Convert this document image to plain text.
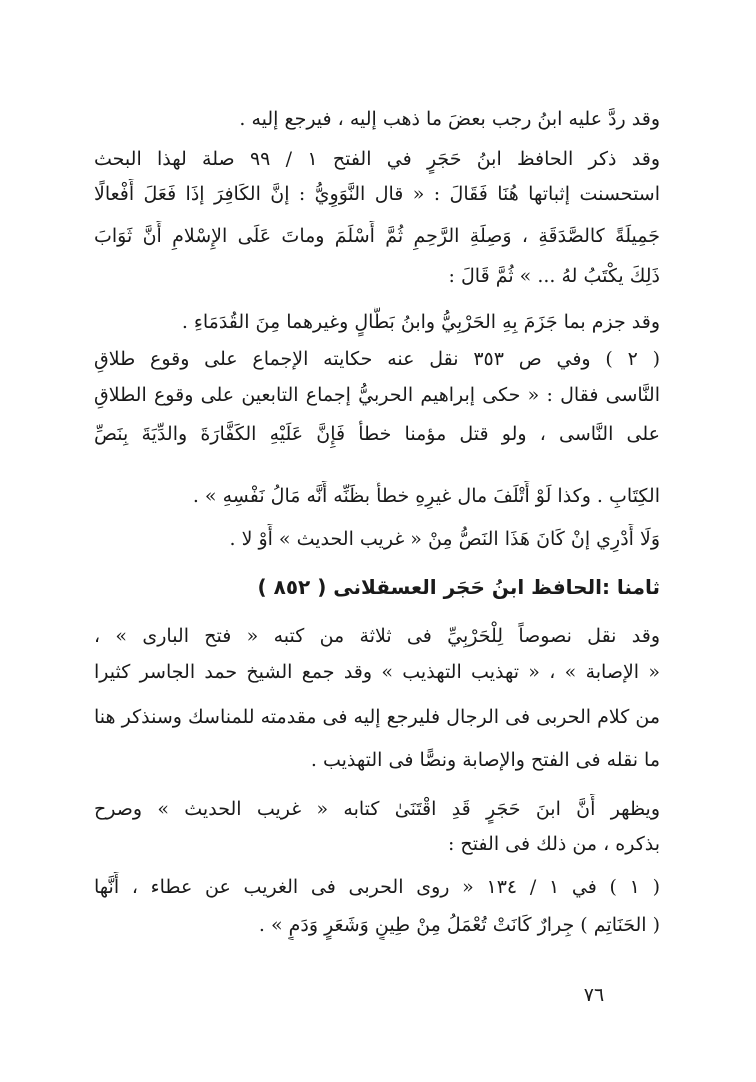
وقد ردَّ عليه ابنُ رجب بعضَ ما ذهب إليه ، فيرجع إليه .
وقد ذكر الحافظ ابنُ حَجَرٍ في الفتح ١ / ٩٩ صلة لهذا البحث
استحسنت إثباتها هُنَا فَقَالَ : « قال النَّوَوِيُّ : إنَّ الكَافِرَ إذَا فَعَلَ أَفْعالًا
جَمِيلَةً كالصَّدَقَةِ ، وَصِلَةِ الرَّحِمِ ثُمَّ أَسْلَمَ وماتَ عَلَى الإِسْلامِ أَنَّ ثَوَابَ
ذَلِكَ يكْتَبُ لهُ ... » ثُمَّ قَالَ :
وقد جزم بما جَزَمَ بِهِ الحَرْبِيُّ وابنُ بَطَّالٍ وغيرهما مِنَ القُدَمَاءِ .
( ٢ ) وفي ص ٣٥٣ نقل عنه حكايته الإجماع على وقوع طلاقِ
النَّاسى فقال : « حكى إبراهيم الحربيُّ إجماع التابعين على وقوع الطلاقِ
على النَّاسى ، ولو قتل مؤمنا خطأ فَإِنَّ عَلَيْهِ الكَفَّارَةَ والدِّيَةَ بِنَصِّ
الكِتَابِ . وكذا لَوْ أَتْلَفَ مال غيرِهِ خطأً بظَنِّه أَنَّه مَالُ نَفْسِهِ » .
وَلَا أَدْرِي إنْ كَانَ هَذَا النَصُّ مِنْ « غريب الحديث » أَوْ لا .
ثامنا :الحافظ ابنُ حَجَر العسقلانى ( ٨٥٢ )
وقد نقل نصوصاً لِلْحَرْبِيِّ فى ثلاثة من كتبه « فتح البارى » ،
« الإصابة » ، « تهذيب التهذيب » وقد جمع الشيخ حمد الجاسر كثيرا
من كلام الحربى فى الرجال فليرجع إليه فى مقدمته للمناسك وسنذكر هنا
ما نقله فى الفتح والإصابة ونصًّا فى التهذيب .
ويظهر أَنَّ ابنَ حَجَرٍ قَدِ اقْتَنَىٰ كتابه « غريب الحديث » وصرح
بذكره ، من ذلك فى الفتح :
( ١ ) في ١ / ١٣٤ « روى الحربى فى الغريب عن عطاء ، أَنَّها
( الحَنَاتِم ) جِرارٌ كَانَتْ تُعْمَلُ مِنْ طِينٍ وَشَعَرٍ وَدَمٍ » .
٧٦
